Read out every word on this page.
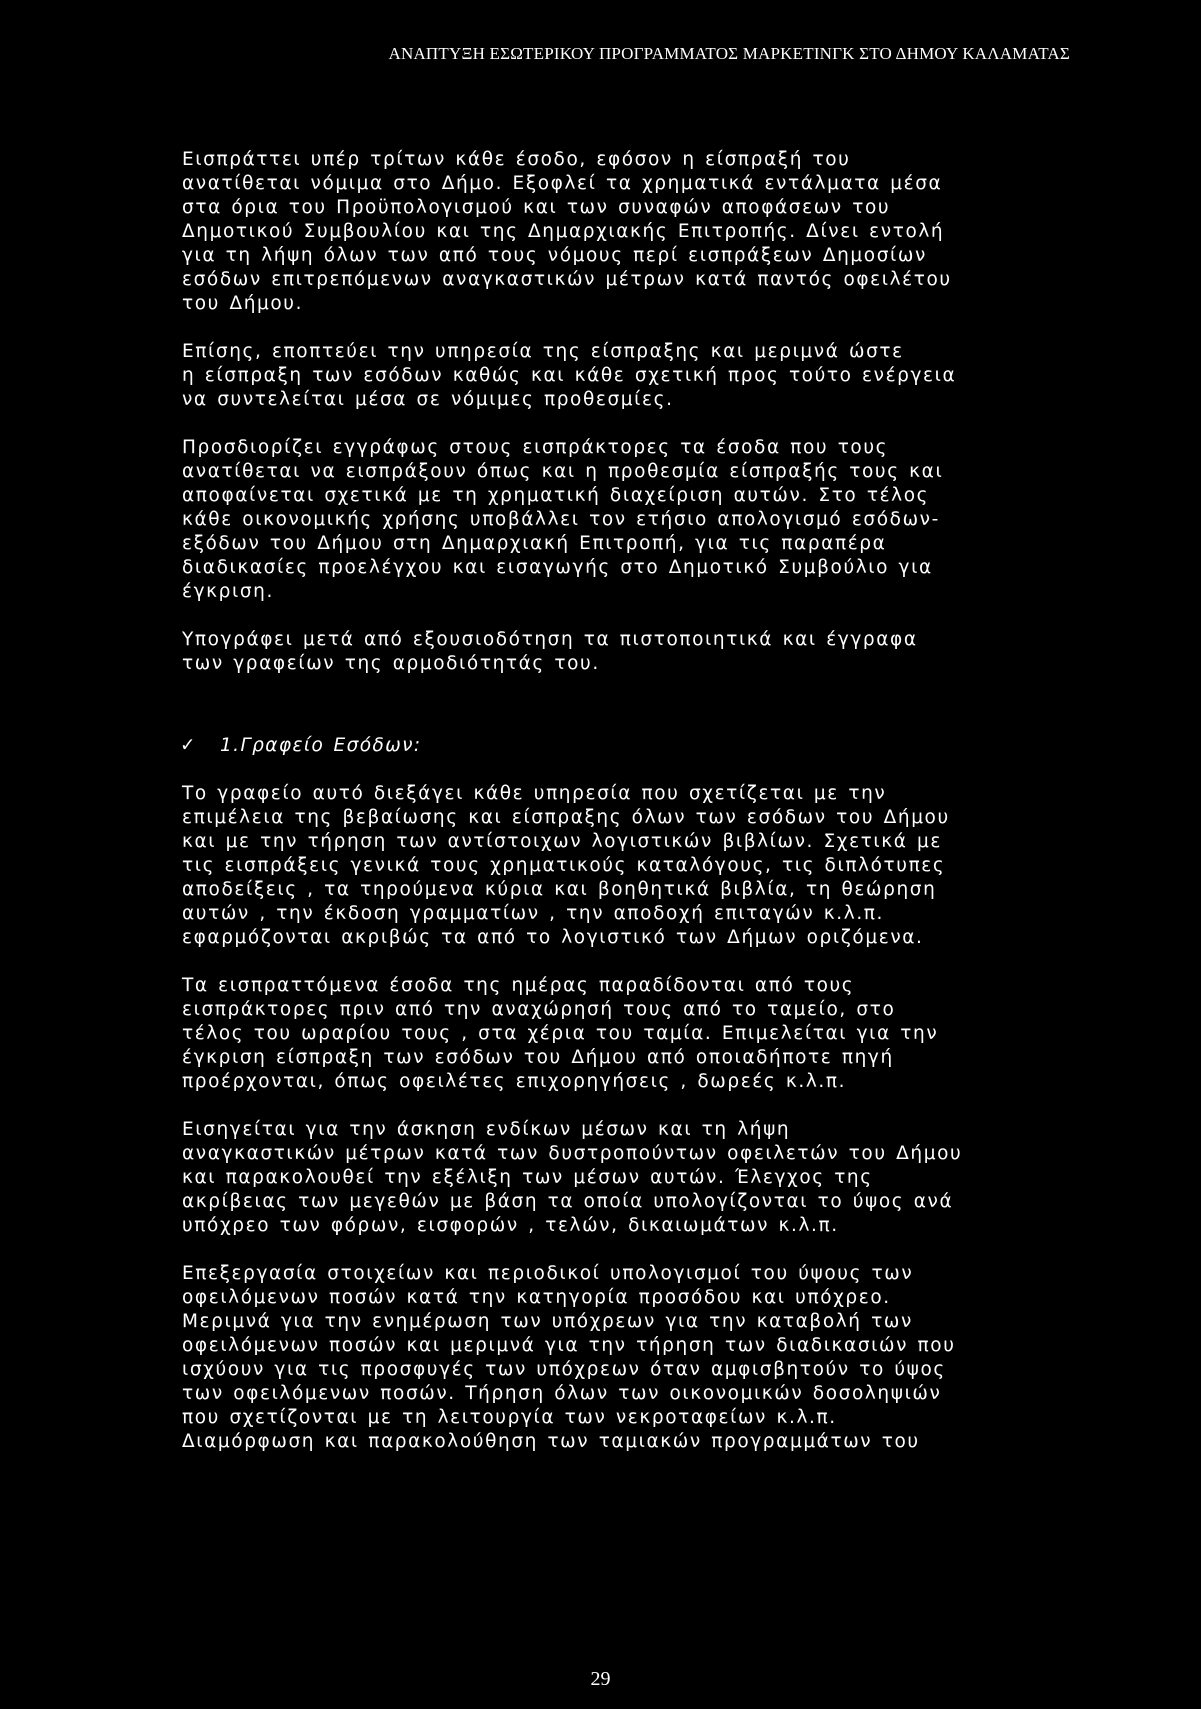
ΑΝΑΠΤΥΞΗ ΕΣΩΤΕΡΙΚΟΥ ΠΡΟΓΡΑΜΜΑΤΟΣ ΜΑΡΚΕΤΙΝΓΚ ΣΤΟ ΔΗΜΟΥ ΚΑΛΑΜΑΤΑΣ

Εισπράττει υπέρ τρίτων κάθε έσοδο, εφόσον η είσπραξή του
ανατίθεται νόμιμα στο Δήμο. Εξοφλεί τα χρηματικά εντάλματα μέσα
στα όρια του Προϋπολογισμού και των συναφών αποφάσεων του
Δημοτικού Συμβουλίου και της Δημαρχιακής Επιτροπής. Δίνει εντολή
για τη λήψη όλων των από τους νόμους περί εισπράξεων Δημοσίων
εσόδων επιτρεπόμενων αναγκαστικών μέτρων κατά παντός οφειλέτου
του Δήμου.

Επίσης, εποπτεύει την υπηρεσία της είσπραξης και μεριμνά ώστε
η είσπραξη των εσόδων καθώς και κάθε σχετική προς τούτο ενέργεια
να συντελείται μέσα σε νόμιμες προθεσμίες.

Προσδιορίζει εγγράφως στους εισπράκτορες τα έσοδα που τους
ανατίθεται να εισπράξουν όπως και η προθεσμία είσπραξής τους και
αποφαίνεται σχετικά με τη χρηματική διαχείριση αυτών. Στο τέλος
κάθε οικονομικής χρήσης υποβάλλει τον ετήσιο απολογισμό εσόδων-
εξόδων του Δήμου στη Δημαρχιακή Επιτροπή, για τις παραπέρα
διαδικασίες προελέγχου και εισαγωγής στο Δημοτικό Συμβούλιο για
έγκριση.

Υπογράφει μετά από εξουσιοδότηση τα πιστοποιητικά και έγγραφα
των γραφείων της αρμοδιότητάς του.

✓ 1.Γραφείο Εσόδων:

Το γραφείο αυτό διεξάγει κάθε υπηρεσία που σχετίζεται με την
επιμέλεια της βεβαίωσης και είσπραξης όλων των εσόδων του Δήμου
και με την τήρηση των αντίστοιχων λογιστικών βιβλίων. Σχετικά με
τις εισπράξεις γενικά τους χρηματικούς καταλόγους, τις διπλότυπες
αποδείξεις , τα τηρούμενα κύρια και βοηθητικά βιβλία, τη θεώρηση
αυτών , την έκδοση γραμματίων , την αποδοχή επιταγών κ.λ.π.
εφαρμόζονται ακριβώς τα από το λογιστικό των Δήμων οριζόμενα.

Τα εισπραττόμενα έσοδα της ημέρας παραδίδονται από τους
εισπράκτορες πριν από την αναχώρησή τους από το ταμείο, στο
τέλος του ωραρίου τους , στα χέρια του ταμία. Επιμελείται για την
έγκριση είσπραξη των εσόδων του Δήμου από οποιαδήποτε πηγή
προέρχονται, όπως οφειλέτες επιχορηγήσεις , δωρεές κ.λ.π.

Εισηγείται για την άσκηση ενδίκων μέσων και τη λήψη
αναγκαστικών μέτρων κατά των δυστροπούντων οφειλετών του Δήμου
και παρακολουθεί την εξέλιξη των μέσων αυτών. Έλεγχος της
ακρίβειας των μεγεθών με βάση τα οποία υπολογίζονται το ύψος ανά
υπόχρεο των φόρων, εισφορών , τελών, δικαιωμάτων κ.λ.π.

Επεξεργασία στοιχείων και περιοδικοί υπολογισμοί του ύψους των
οφειλόμενων ποσών κατά την κατηγορία προσόδου και υπόχρεο.
Μεριμνά για την ενημέρωση των υπόχρεων για την καταβολή των
οφειλόμενων ποσών και μεριμνά για την τήρηση των διαδικασιών που
ισχύουν για τις προσφυγές των υπόχρεων όταν αμφισβητούν το ύψος
των οφειλόμενων ποσών. Τήρηση όλων των οικονομικών δοσοληψιών
που σχετίζονται με τη λειτουργία των νεκροταφείων κ.λ.π.
Διαμόρφωση και παρακολούθηση των ταμιακών προγραμμάτων του

29
